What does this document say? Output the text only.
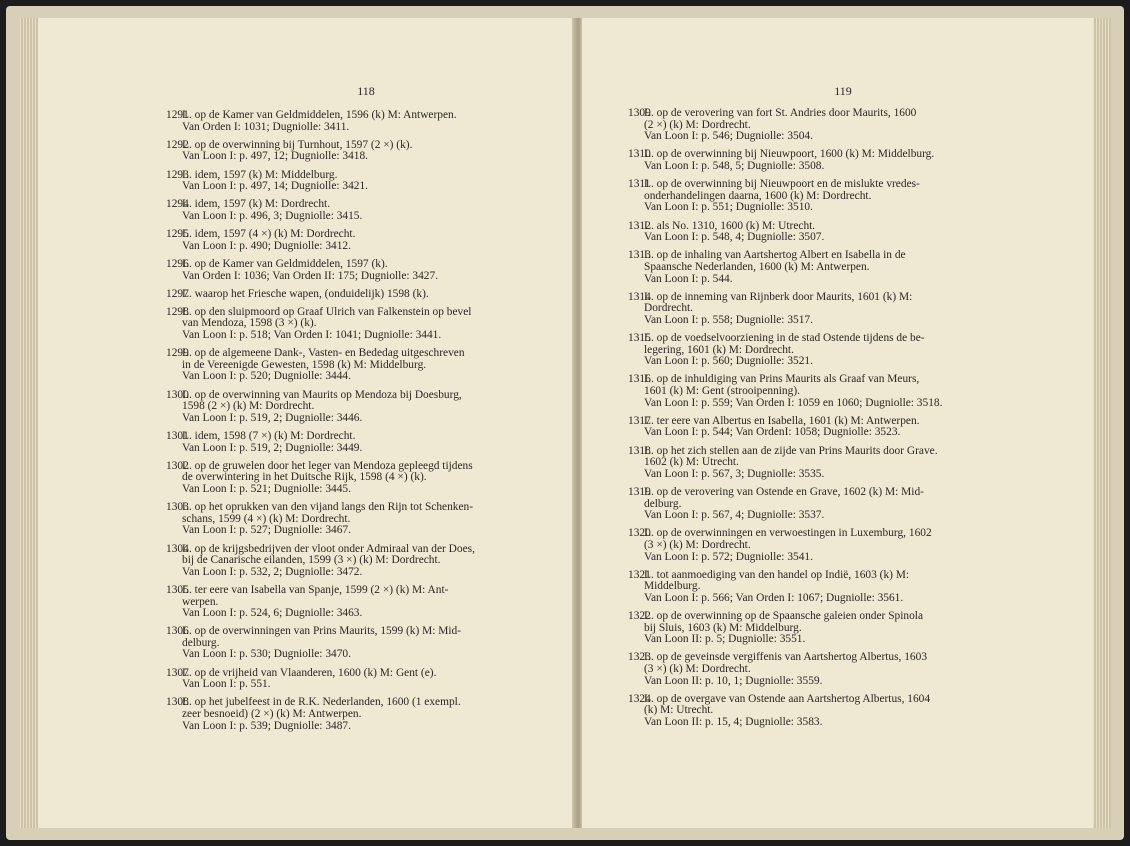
118
1291
L. op de Kamer van Geldmiddelen, 1596 (k) M: Antwerpen.
Van Orden I: 1031; Dugniolle: 3411.
1292
L. op de overwinning bij Turnhout, 1597 (2 ×) (k).
Van Loon I: p. 497, 12; Dugniolle: 3418.
1293
L. idem, 1597 (k) M: Middelburg.
Van Loon I: p. 497, 14; Dugniolle: 3421.
1294
L. idem, 1597 (k) M: Dordrecht.
Van Loon I: p. 496, 3; Dugniolle: 3415.
1295
L. idem, 1597 (4 ×) (k) M: Dordrecht.
Van Loon I: p. 490; Dugniolle: 3412.
1296
L. op de Kamer van Geldmiddelen, 1597 (k).
Van Orden I: 1036; Van Orden II: 175; Dugniolle: 3427.
1297
L. waarop het Friesche wapen, (onduidelijk) 1598 (k).
1298
L. op den sluipmoord op Graaf Ulrich van Falkenstein op bevel
van Mendoza, 1598 (3 ×) (k).
Van Loon I: p. 518; Van Orden I: 1041; Dugniolle: 3441.
1299
L. op de algemeene Dank-, Vasten- en Bededag uitgeschreven
in de Vereenigde Gewesten, 1598 (k) M: Middelburg.
Van Loon I: p. 520; Dugniolle: 3444.
1300
L. op de overwinning van Maurits op Mendoza bij Doesburg,
1598 (2 ×) (k) M: Dordrecht.
Van Loon I: p. 519, 2; Dugniolle: 3446.
1301
L. idem, 1598 (7 ×) (k) M: Dordrecht.
Van Loon I: p. 519, 2; Dugniolle: 3449.
1302
L. op de gruwelen door het leger van Mendoza gepleegd tijdens
de overwintering in het Duitsche Rijk, 1598 (4 ×) (k).
Van Loon I: p. 521; Dugniolle: 3445.
1303
L. op het oprukken van den vijand langs den Rijn tot Schenken-
schans, 1599 (4 ×) (k) M: Dordrecht.
Van Loon I: p. 527; Dugniolle: 3467.
1304
L. op de krijgsbedrijven der vloot onder Admiraal van der Does,
bij de Canarische eilanden, 1599 (3 ×) (k) M: Dordrecht.
Van Loon I: p. 532, 2; Dugniolle: 3472.
1305
L. ter eere van Isabella van Spanje, 1599 (2 ×) (k) M: Ant-
werpen.
Van Loon I: p. 524, 6; Dugniolle: 3463.
1306
L. op de overwinningen van Prins Maurits, 1599 (k) M: Mid-
delburg.
Van Loon I: p. 530; Dugniolle: 3470.
1307
L. op de vrijheid van Vlaanderen, 1600 (k) M: Gent (e).
Van Loon I: p. 551.
1308
L. op het jubelfeest in de R.K. Nederlanden, 1600 (1 exempl.
zeer besnoeid) (2 ×) (k) M: Antwerpen.
Van Loon I: p. 539; Dugniolle: 3487.
119
1309
L. op de verovering van fort St. Andries door Maurits, 1600
(2 ×) (k) M: Dordrecht.
Van Loon I: p. 546; Dugniolle: 3504.
1310
L. op de overwinning bij Nieuwpoort, 1600 (k) M: Middelburg.
Van Loon I: p. 548, 5; Dugniolle: 3508.
1311
L. op de overwinning bij Nieuwpoort en de mislukte vredes-
onderhandelingen daarna, 1600 (k) M: Dordrecht.
Van Loon I: p. 551; Dugniolle: 3510.
1312
L. als No. 1310, 1600 (k) M: Utrecht.
Van Loon I: p. 548, 4; Dugniolle: 3507.
1313
L. op de inhaling van Aartshertog Albert en Isabella in de
Spaansche Nederlanden, 1600 (k) M: Antwerpen.
Van Loon I: p. 544.
1314
L. op de inneming van Rijnberk door Maurits, 1601 (k) M:
Dordrecht.
Van Loon I: p. 558; Dugniolle: 3517.
1315
L. op de voedselvoorziening in de stad Ostende tijdens de be-
legering, 1601 (k) M: Dordrecht.
Van Loon I: p. 560; Dugniolle: 3521.
1316
L. op de inhuldiging van Prins Maurits als Graaf van Meurs,
1601 (k) M: Gent (strooipenning).
Van Loon I: p. 559; Van Orden I: 1059 en 1060; Dugniolle: 3518.
1317
L. ter eere van Albertus en Isabella, 1601 (k) M: Antwerpen.
Van Loon I: p. 544; Van OrdenI: 1058; Dugniolle: 3523.
1318
L. op het zich stellen aan de zijde van Prins Maurits door Grave.
1602 (k) M: Utrecht.
Van Loon I: p. 567, 3; Dugniolle: 3535.
1319
L. op de verovering van Ostende en Grave, 1602 (k) M: Mid-
delburg.
Van Loon I: p. 567, 4; Dugniolle: 3537.
1320
L. op de overwinningen en verwoestingen in Luxemburg, 1602
(3 ×) (k) M: Dordrecht.
Van Loon I: p. 572; Dugniolle: 3541.
1321
L. tot aanmoediging van den handel op Indië, 1603 (k) M:
Middelburg.
Van Loon I: p. 566; Van Orden I: 1067; Dugniolle: 3561.
1322
L. op de overwinning op de Spaansche galeien onder Spinola
bij Sluis, 1603 (k) M: Middelburg.
Van Loon II: p. 5; Dugniolle: 3551.
1323
L. op de geveinsde vergiffenis van Aartshertog Albertus, 1603
(3 ×) (k) M: Dordrecht.
Van Loon II: p. 10, 1; Dugniolle: 3559.
1324
L. op de overgave van Ostende aan Aartshertog Albertus, 1604
(k) M: Utrecht.
Van Loon II: p. 15, 4; Dugniolle: 3583.
